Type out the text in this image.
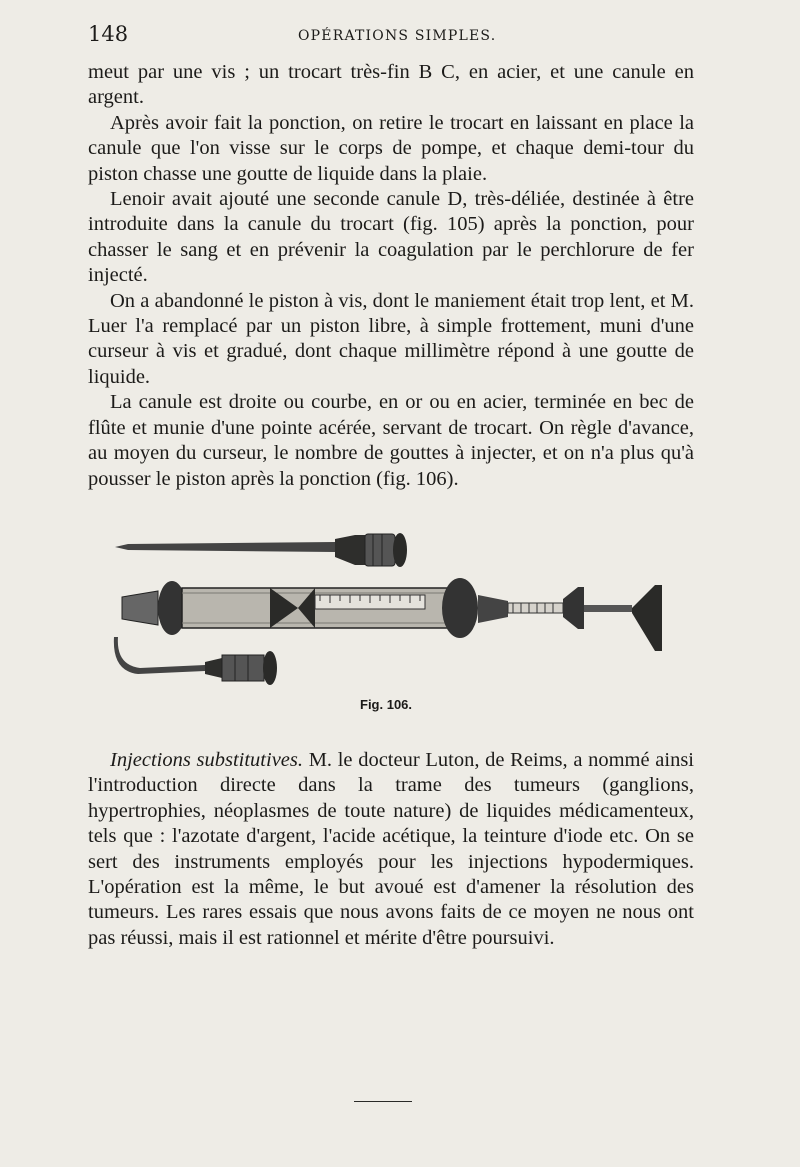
148	OPÉRATIONS SIMPLES.

meut par une vis ; un trocart très-fin B C, en acier, et une canule en argent.

Après avoir fait la ponction, on retire le trocart en laissant en place la canule que l'on visse sur le corps de pompe, et chaque demi-tour du piston chasse une goutte de liquide dans la plaie.

Lenoir avait ajouté une seconde canule D, très-déliée, destinée à être introduite dans la canule du trocart (fig. 105) après la ponction, pour chasser le sang et en prévenir la coagulation par le perchlorure de fer injecté.

On a abandonné le piston à vis, dont le maniement était trop lent, et M. Luer l'a remplacé par un piston libre, à simple frottement, muni d'une curseur à vis et gradué, dont chaque millimètre répond à une goutte de liquide.

La canule est droite ou courbe, en or ou en acier, terminée en bec de flûte et munie d'une pointe acérée, servant de trocart. On règle d'avance, au moyen du curseur, le nombre de gouttes à injecter, et on n'a plus qu'à pousser le piston après la ponction (fig. 106).

Fig. 106.

Injections substitutives. M. le docteur Luton, de Reims, a nommé ainsi l'introduction directe dans la trame des tumeurs (ganglions, hypertrophies, néoplasmes de toute nature) de liquides médicamenteux, tels que : l'azotate d'argent, l'acide acétique, la teinture d'iode etc. On se sert des instruments employés pour les injections hypodermiques. L'opération est la même, le but avoué est d'amener la résolution des tumeurs. Les rares essais que nous avons faits de ce moyen ne nous ont pas réussi, mais il est rationnel et mérite d'être poursuivi.
